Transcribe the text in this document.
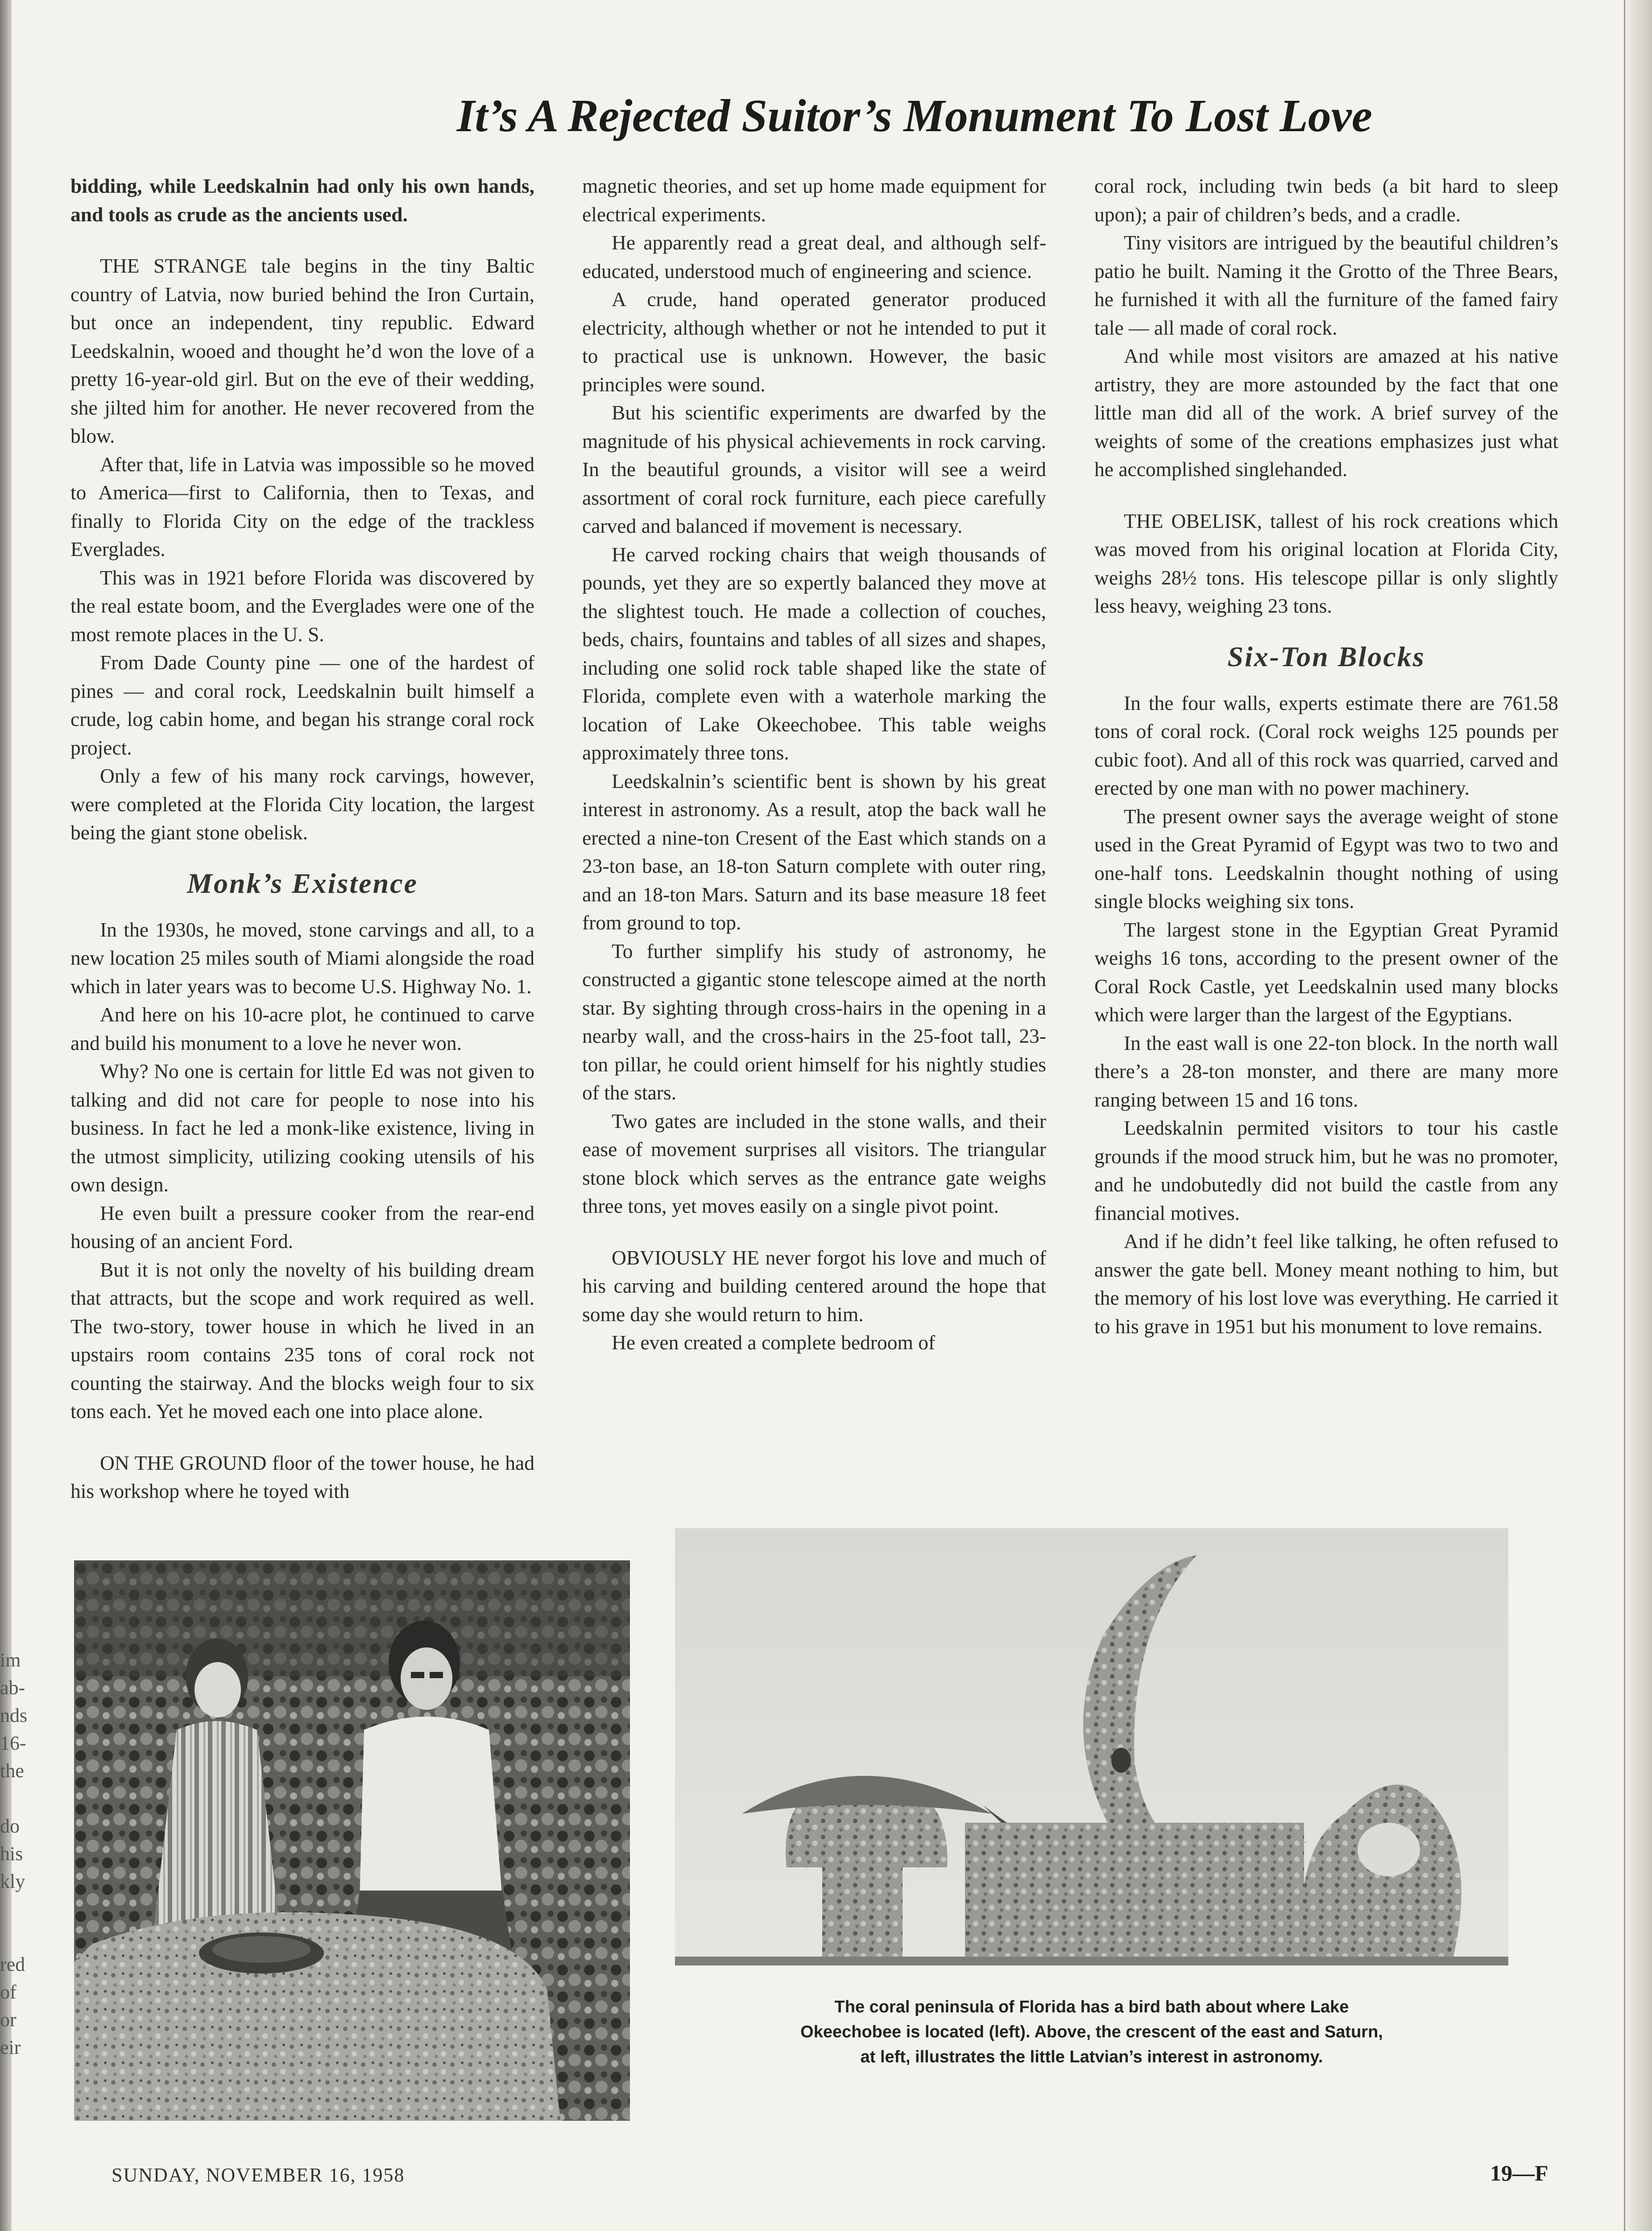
It’s A Rejected Suitor’s Monument To Lost Love

bidding, while Leedskalnin had only his own hands, and tools as crude as the ancients used.

THE STRANGE tale begins in the tiny Baltic country of Latvia, now buried behind the Iron Curtain, but once an independent, tiny republic. Edward Leedskalnin, wooed and thought he’d won the love of a pretty 16-year-old girl. But on the eve of their wedding, she jilted him for another. He never recovered from the blow.

After that, life in Latvia was impossible so he moved to America—first to California, then to Texas, and finally to Florida City on the edge of the trackless Everglades.

This was in 1921 before Florida was discovered by the real estate boom, and the Everglades were one of the most remote places in the U. S.

From Dade County pine — one of the hardest of pines — and coral rock, Leedskalnin built himself a crude, log cabin home, and began his strange coral rock project.

Only a few of his many rock carvings, however, were completed at the Florida City location, the largest being the giant stone obelisk.

Monk’s Existence

In the 1930s, he moved, stone carvings and all, to a new location 25 miles south of Miami alongside the road which in later years was to become U.S. Highway No. 1.

And here on his 10-acre plot, he continued to carve and build his monument to a love he never won.

Why? No one is certain for little Ed was not given to talking and did not care for people to nose into his business. In fact he led a monk-like existence, living in the utmost simplicity, utilizing cooking utensils of his own design.

He even built a pressure cooker from the rear-end housing of an ancient Ford.

But it is not only the novelty of his building dream that attracts, but the scope and work required as well. The two-story, tower house in which he lived in an upstairs room contains 235 tons of coral rock not counting the stairway. And the blocks weigh four to six tons each. Yet he moved each one into place alone.

ON THE GROUND floor of the tower house, he had his workshop where he toyed with

magnetic theories, and set up home made equipment for electrical experiments.

He apparently read a great deal, and although self-educated, understood much of engineering and science.

A crude, hand operated generator produced electricity, although whether or not he intended to put it to practical use is unknown. However, the basic principles were sound.

But his scientific experiments are dwarfed by the magnitude of his physical achievements in rock carving. In the beautiful grounds, a visitor will see a weird assortment of coral rock furniture, each piece carefully carved and balanced if movement is necessary.

He carved rocking chairs that weigh thousands of pounds, yet they are so expertly balanced they move at the slightest touch. He made a collection of couches, beds, chairs, fountains and tables of all sizes and shapes, including one solid rock table shaped like the state of Florida, complete even with a waterhole marking the location of Lake Okeechobee. This table weighs approximately three tons.

Leedskalnin’s scientific bent is shown by his great interest in astronomy. As a result, atop the back wall he erected a nine-ton Cresent of the East which stands on a 23-ton base, an 18-ton Saturn complete with outer ring, and an 18-ton Mars. Saturn and its base measure 18 feet from ground to top.

To further simplify his study of astronomy, he constructed a gigantic stone telescope aimed at the north star. By sighting through cross-hairs in the opening in a nearby wall, and the cross-hairs in the 25-foot tall, 23-ton pillar, he could orient himself for his nightly studies of the stars.

Two gates are included in the stone walls, and their ease of movement surprises all visitors. The triangular stone block which serves as the entrance gate weighs three tons, yet moves easily on a single pivot point.

OBVIOUSLY HE never forgot his love and much of his carving and building centered around the hope that some day she would return to him.

He even created a complete bedroom of

coral rock, including twin beds (a bit hard to sleep upon); a pair of children’s beds, and a cradle.

Tiny visitors are intrigued by the beautiful children’s patio he built. Naming it the Grotto of the Three Bears, he furnished it with all the furniture of the famed fairy tale — all made of coral rock.

And while most visitors are amazed at his native artistry, they are more astounded by the fact that one little man did all of the work. A brief survey of the weights of some of the creations emphasizes just what he accomplished singlehanded.

THE OBELISK, tallest of his rock creations which was moved from his original location at Florida City, weighs 28½ tons. His telescope pillar is only slightly less heavy, weighing 23 tons.

Six-Ton Blocks

In the four walls, experts estimate there are 761.58 tons of coral rock. (Coral rock weighs 125 pounds per cubic foot). And all of this rock was quarried, carved and erected by one man with no power machinery.

The present owner says the average weight of stone used in the Great Pyramid of Egypt was two to two and one-half tons. Leedskalnin thought nothing of using single blocks weighing six tons.

The largest stone in the Egyptian Great Pyramid weighs 16 tons, according to the present owner of the Coral Rock Castle, yet Leedskalnin used many blocks which were larger than the largest of the Egyptians.

In the east wall is one 22-ton block. In the north wall there’s a 28-ton monster, and there are many more ranging between 15 and 16 tons.

Leedskalnin permited visitors to tour his castle grounds if the mood struck him, but he was no promoter, and he undobutedly did not build the castle from any financial motives.

And if he didn’t feel like talking, he often refused to answer the gate bell. Money meant nothing to him, but the memory of his lost love was everything. He carried it to his grave in 1951 but his monument to love remains.

The coral peninsula of Florida has a bird bath about where Lake
Okeechobee is located (left). Above, the crescent of the east and Saturn,
at left, illustrates the little Latvian’s interest in astronomy.
im
ab-
nds
16-
the
do
his
kly
red
of
or
eir
SUNDAY, NOVEMBER 16, 1958	19—F
